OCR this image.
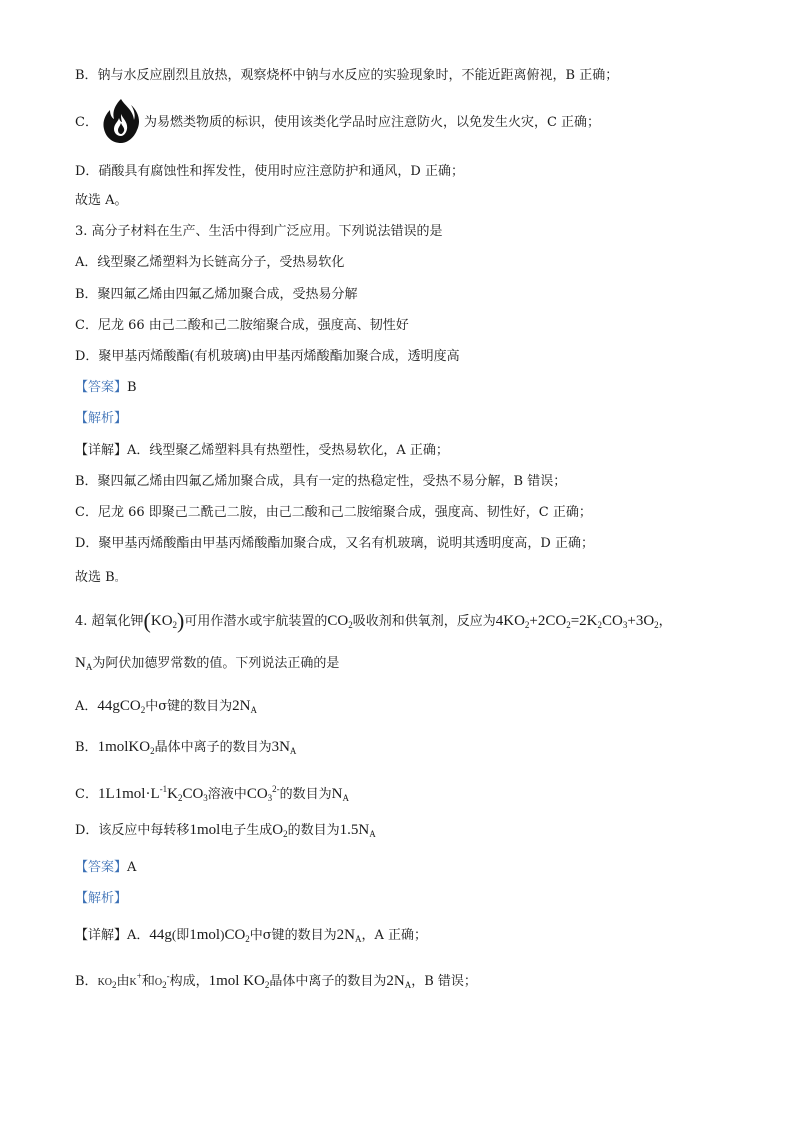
B．钠与水反应剧烈且放热，观察烧杯中钠与水反应的实验现象时，不能近距离俯视，B 正确；
C．	为易燃类物质的标识，使用该类化学品时应注意防火，以免发生火灾，C 正确；
D．硝酸具有腐蚀性和挥发性，使用时应注意防护和通风，D 正确；
故选 A。
3. 高分子材料在生产、生活中得到广泛应用。下列说法错误的是
A．线型聚乙烯塑料为长链高分子，受热易软化
B．聚四氟乙烯由四氟乙烯加聚合成，受热易分解
C．尼龙 66 由己二酸和己二胺缩聚合成，强度高、韧性好
D．聚甲基丙烯酸酯(有机玻璃)由甲基丙烯酸酯加聚合成，透明度高
【答案】B
【解析】
【详解】A．线型聚乙烯塑料具有热塑性，受热易软化，A 正确；
B．聚四氟乙烯由四氟乙烯加聚合成，具有一定的热稳定性，受热不易分解，B 错误；
C．尼龙 66 即聚己二酰己二胺，由己二酸和己二胺缩聚合成，强度高、韧性好，C 正确；
D．聚甲基丙烯酸酯由甲基丙烯酸酯加聚合成，又名有机玻璃，说明其透明度高，D 正确；
故选 B。
4. 超氧化钾$(KO_2)$可用作潜水或宇航装置的$CO_2$吸收剂和供氧剂，反应为$4KO_2+2CO_2=2K_2CO_3+3O_2$，
$N_A$为阿伏加德罗常数的值。下列说法正确的是
A．44gCO$_2$中σ键的数目为$2N_A$
B．1molKO$_2$晶体中离子的数目为$3N_A$
C．$1L1mol\cdot L^{-1}K_2CO_3$溶液中$CO_3^{2-}$的数目为$N_A$
D．该反应中每转移1mol电子生成$O_2$的数目为$1.5N_A$
【答案】A
【解析】
【详解】A．44g(即$1mol)CO_2$中σ键的数目为$2N_A$，A 正确；
B．$KO_2$由K+和$O_2^-$构成，1mol $KO_2$晶体中离子的数目为$2N_A$，B 错误；
